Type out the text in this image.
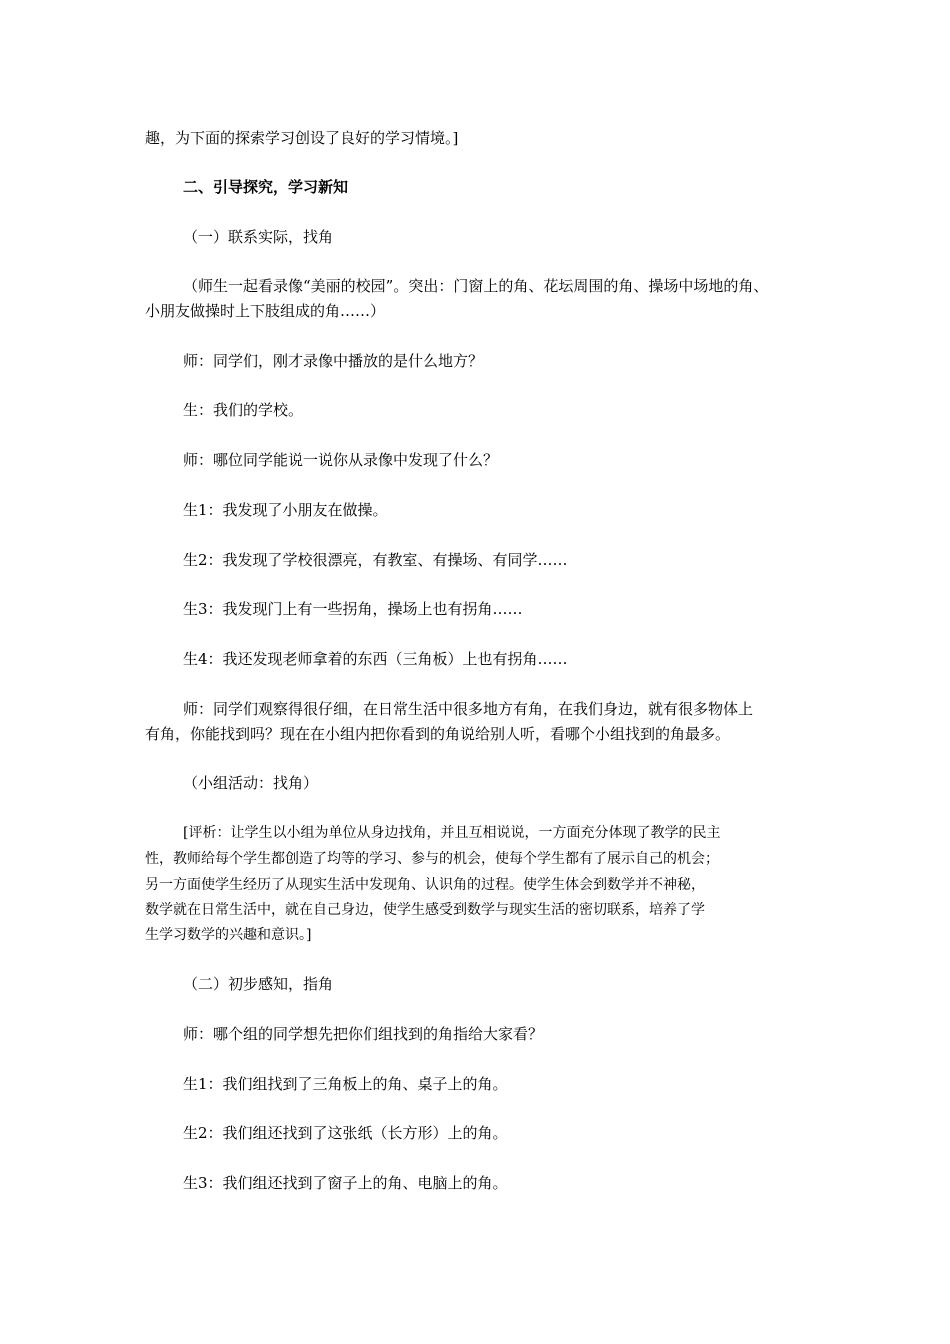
趣，为下面的探索学习创设了良好的学习情境。]

二、引导探究，学习新知

（一）联系实际，找角

（师生一起看录像“美丽的校园”。突出：门窗上的角、花坛周围的角、操场中场地的角、

小朋友做操时上下肢组成的角……）

师：同学们，刚才录像中播放的是什么地方？

生：我们的学校。

师：哪位同学能说一说你从录像中发现了什么？

生1：我发现了小朋友在做操。

生2：我发现了学校很漂亮，有教室、有操场、有同学……

生3：我发现门上有一些拐角，操场上也有拐角……

生4：我还发现老师拿着的东西（三角板）上也有拐角……

师：同学们观察得很仔细，在日常生活中很多地方有角，在我们身边，就有很多物体上

有角，你能找到吗？现在在小组内把你看到的角说给别人听，看哪个小组找到的角最多。

（小组活动：找角）

[评析：让学生以小组为单位从身边找角，并且互相说说，一方面充分体现了教学的民主

性，教师给每个学生都创造了均等的学习、参与的机会，使每个学生都有了展示自己的机会；

另一方面使学生经历了从现实生活中发现角、认识角的过程。使学生体会到数学并不神秘，

数学就在日常生活中，就在自己身边，使学生感受到数学与现实生活的密切联系，培养了学

生学习数学的兴趣和意识。]

（二）初步感知，指角

师：哪个组的同学想先把你们组找到的角指给大家看？

生1：我们组找到了三角板上的角、桌子上的角。

生2：我们组还找到了这张纸（长方形）上的角。

生3：我们组还找到了窗子上的角、电脑上的角。
